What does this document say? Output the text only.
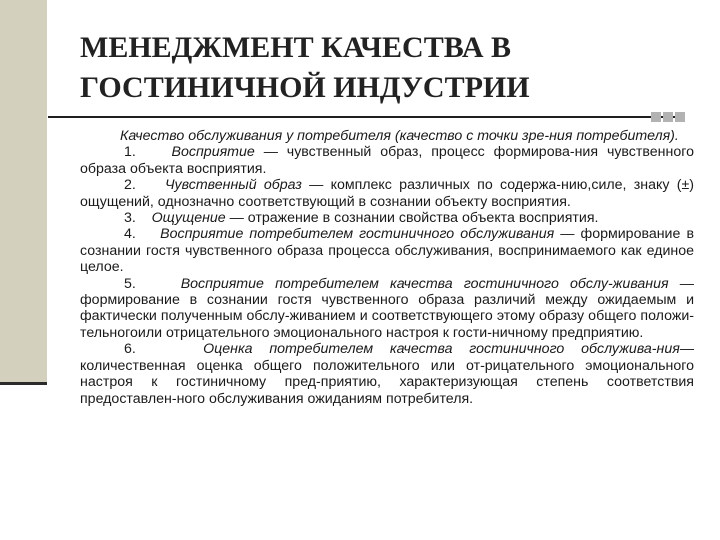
МЕНЕДЖМЕНТ КАЧЕСТВА В
ГОСТИНИЧНОЙ ИНДУСТРИИ

Качество обслуживания у потребителя (качество с точки зре-ния потребителя).

1.	Восприятие — чувственный образ, процесс формирова-ния чувственного образа объекта восприятия.

2. Чувственный образ — комплекс различных по содержа-нию,силе, знаку (±) ощущений, однозначно соответствующий в сознании объекту восприятия.

3. Ощущение — отражение в сознании свойства объекта восприятия.

4. Восприятие потребителем гостиничного обслуживания — формирование в сознании гостя чувственного образа процесса обслуживания, воспринимаемого как единое целое.

5.	Восприятие потребителем качества гостиничного обслу-живания — формирование в сознании гостя чувственного образа различий между ожидаемым и фактически полученным обслу-живанием и соответствующего этому образу общего положи-тельногоили отрицательного эмоционального настроя к гости-ничному предприятию.

6.	Оценка потребителем качества гостиничного обслужива-ния— количественная оценка общего положительного или от-рицательного эмоционального настроя к гостиничному пред-приятию, характеризующая степень соответствия предоставлен-ного обслуживания ожиданиям потребителя.
